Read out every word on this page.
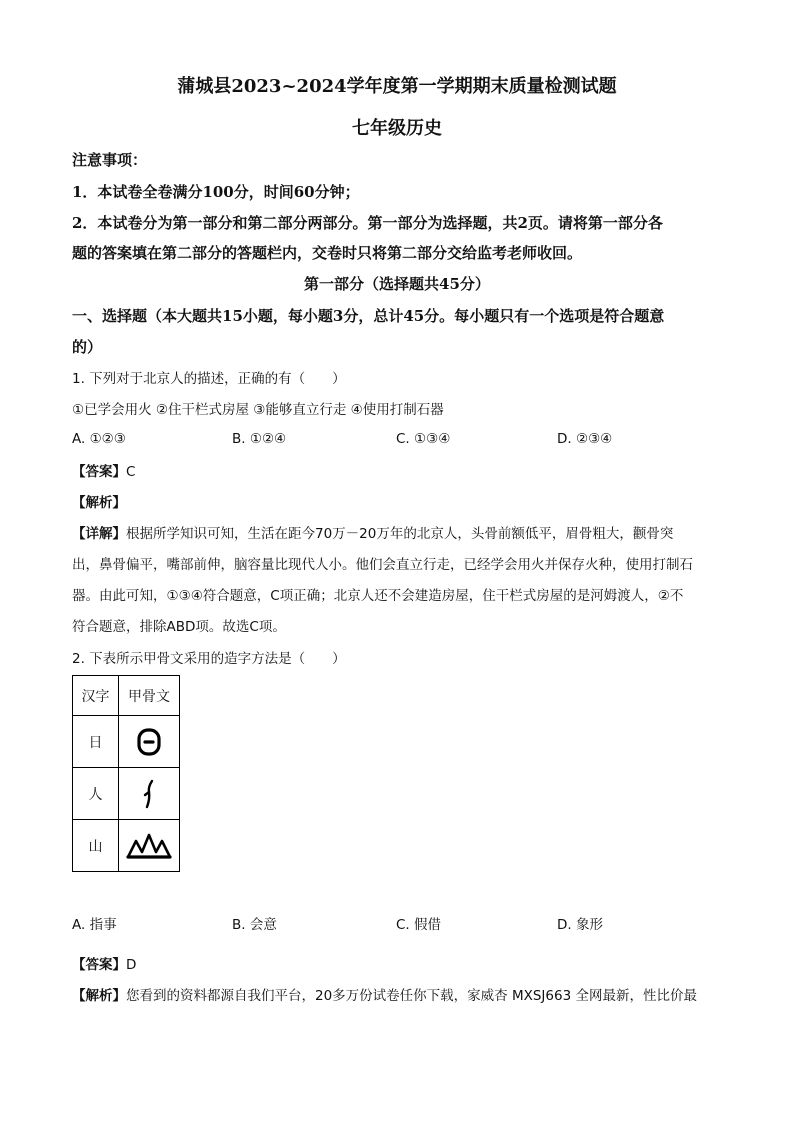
蒲城县2023~2024学年度第一学期期末质量检测试题
七年级历史
注意事项：
1．本试卷全卷满分100分，时间60分钟；
2．本试卷分为第一部分和第二部分两部分。第一部分为选择题，共2页。请将第一部分各
题的答案填在第二部分的答题栏内，交卷时只将第二部分交给监考老师收回。
第一部分（选择题共45分）
一、选择题（本大题共15小题，每小题3分，总计45分。每小题只有一个选项是符合题意
的）
1. 下列对于北京人的描述，正确的有（　　）
①已学会用火 ②住干栏式房屋 ③能够直立行走 ④使用打制石器
A. ①②③	B. ①②④	C. ①③④	D. ②③④
【答案】C
【解析】
【详解】根据所学知识可知，生活在距今70万－20万年的北京人，头骨前额低平，眉骨粗大，颧骨突
出，鼻骨偏平，嘴部前伸，脑容量比现代人小。他们会直立行走，已经学会用火并保存火种，使用打制石
器。由此可知，①③④符合题意，C项正确；北京人还不会建造房屋，住干栏式房屋的是河姆渡人，②不
符合题意，排除ABD项。故选C项。
2. 下表所示甲骨文采用的造字方法是（　　）
汉字	甲骨文
日	

人	

山	
A. 指事	B. 会意	C. 假借	D. 象形
【答案】D
【解析】您看到的资料都源自我们平台，20多万份试卷任你下载，家威杏 MXSJ663 全网最新，性比价最
